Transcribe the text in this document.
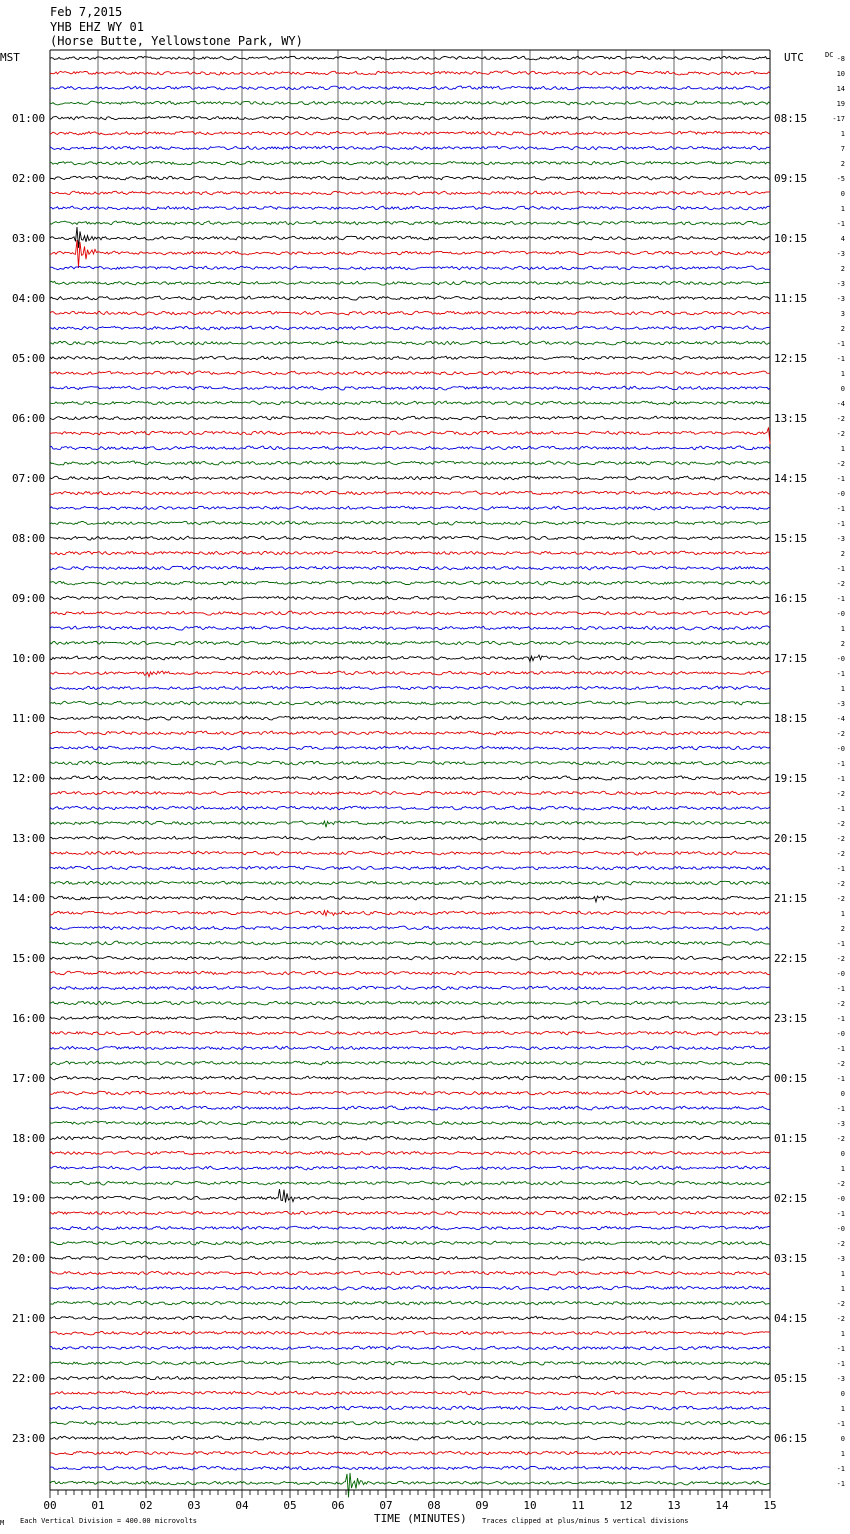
Feb 7,2015
YHB EHZ WY 01
(Horse Butte, Yellowstone Park, WY)
MST	UTC	DC
01:00
02:00
03:00
04:00
05:00
06:00
07:00
08:00
09:00
10:00
11:00
12:00
13:00
14:00
15:00
16:00
17:00
18:00
19:00
20:00
21:00
22:00
23:00
08:15
09:15
10:15
11:15
12:15
13:15
14:15
15:15
16:15
17:15
18:15
19:15
20:15
21:15
22:15
23:15
00:15
01:15
02:15
03:15
04:15
05:15
06:15
-8
10
14
19
-17
1
7
2
-5
0
1
-1
4
-3
2
-3
-3
3
2
-1
-1
1
0
-4
-2
-2
1
-2
-1
-0
-1
-1
-3
2
-1
-2
-1
-0
1
2
-0
-1
1
-3
-4
-2
-0
-1
-1
-2
-1
-2
-2
-2
-1
-2
-2
1
2
-1
-2
-0
-1
-2
-1
-0
-1
-2
-1
0
-1
-3
-2
0
1
-2
-0
-1
-0
-2
-3
1
1
-2
-2
1
-1
-1
-3
0
1
-1
0
1
-1
-1
00	01	02	03	04	05	06	07	08	09	10	11	12	13	14	15
M Each Vertical Division = 400.00 microvolts	TIME (MINUTES) Traces clipped at plus/minus 5 vertical divisions
